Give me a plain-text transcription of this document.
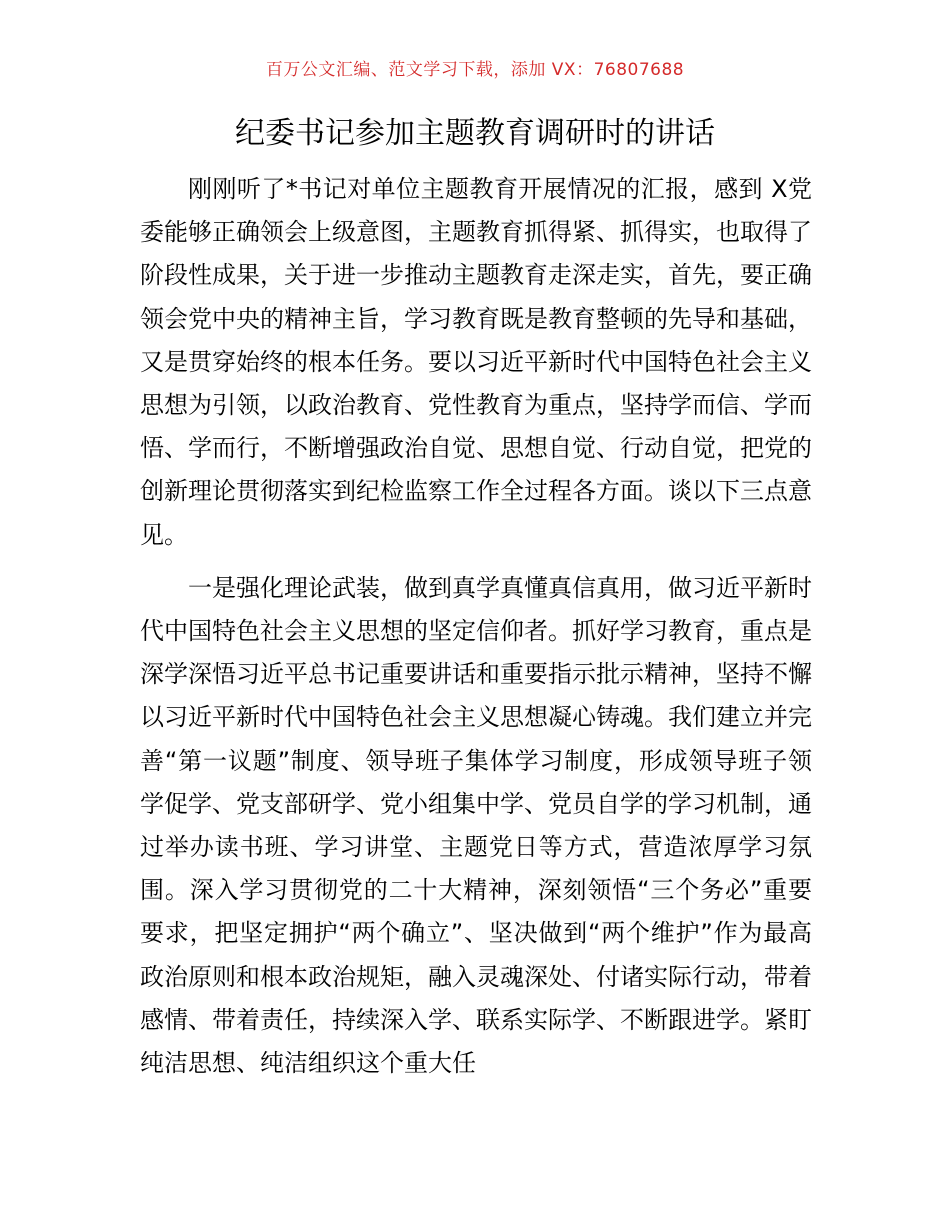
百万公文汇编、范文学习下载，添加 VX：76807688
纪委书记参加主题教育调研时的讲话

刚刚听了*书记对单位主题教育开展情况的汇报，感到 X党委能够正确领会上级意图，主题教育抓得紧、抓得实，也取得了阶段性成果，关于进一步推动主题教育走深走实，首先，要正确领会党中央的精神主旨，学习教育既是教育整顿的先导和基础，又是贯穿始终的根本任务。要以习近平新时代中国特色社会主义思想为引领，以政治教育、党性教育为重点，坚持学而信、学而悟、学而行，不断增强政治自觉、思想自觉、行动自觉，把党的创新理论贯彻落实到纪检监察工作全过程各方面。谈以下三点意见。

一是强化理论武装，做到真学真懂真信真用，做习近平新时代中国特色社会主义思想的坚定信仰者。抓好学习教育，重点是深学深悟习近平总书记重要讲话和重要指示批示精神，坚持不懈以习近平新时代中国特色社会主义思想凝心铸魂。我们建立并完善“第一议题”制度、领导班子集体学习制度，形成领导班子领学促学、党支部研学、党小组集中学、党员自学的学习机制，通过举办读书班、学习讲堂、主题党日等方式，营造浓厚学习氛围。深入学习贯彻党的二十大精神，深刻领悟“三个务必”重要要求，把坚定拥护“两个确立”、坚决做到“两个维护”作为最高政治原则和根本政治规矩，融入灵魂深处、付诸实际行动，带着感情、带着责任，持续深入学、联系实际学、不断跟进学。紧盯纯洁思想、纯洁组织这个重大任
